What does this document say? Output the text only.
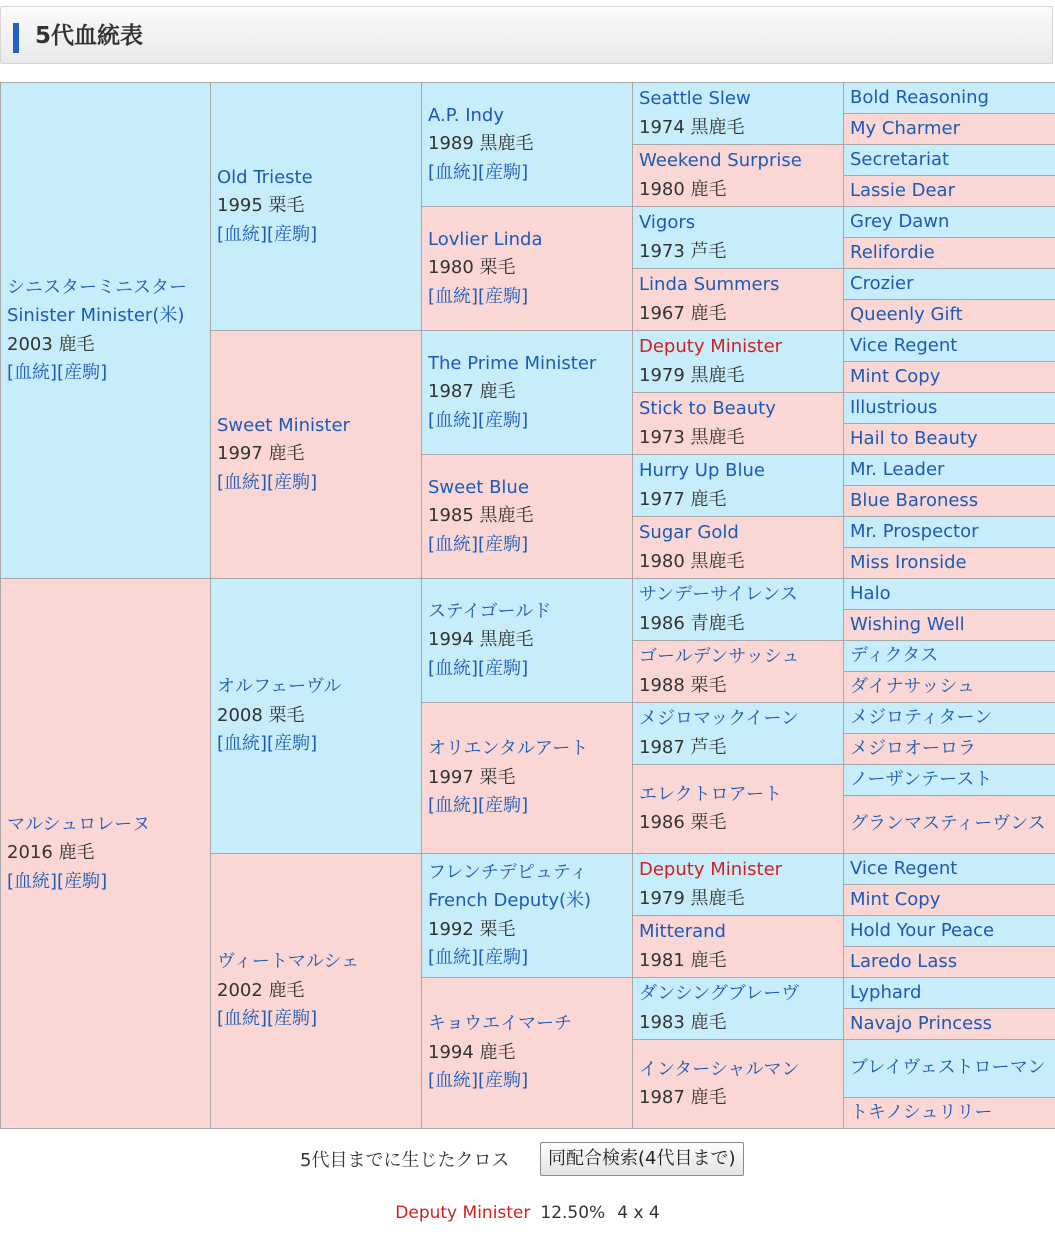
5代血統表
シニスターミニスター
Sinister Minister(米)
2003 鹿毛
[血統][産駒]	Old Trieste
1995 栗毛
[血統][産駒]	A.P. Indy
1989 黒鹿毛
[血統][産駒]	Seattle Slew
1974 黒鹿毛	Bold Reasoning

				My Charmer

			Weekend Surprise
1980 鹿毛	Secretariat

				Lassie Dear

		Lovlier Linda
1980 栗毛
[血統][産駒]	Vigors
1973 芦毛	Grey Dawn

				Relifordie

			Linda Summers
1967 鹿毛	Crozier

				Queenly Gift

	Sweet Minister
1997 鹿毛
[血統][産駒]	The Prime Minister
1987 鹿毛
[血統][産駒]	Deputy Minister
1979 黒鹿毛	Vice Regent

				Mint Copy

			Stick to Beauty
1973 黒鹿毛	Illustrious

				Hail to Beauty

		Sweet Blue
1985 黒鹿毛
[血統][産駒]	Hurry Up Blue
1977 鹿毛	Mr. Leader

				Blue Baroness

			Sugar Gold
1980 黒鹿毛	Mr. Prospector

				Miss Ironside

マルシュロレーヌ
2016 鹿毛
[血統][産駒]	オルフェーヴル
2008 栗毛
[血統][産駒]	ステイゴールド
1994 黒鹿毛
[血統][産駒]	サンデーサイレンス
1986 青鹿毛	Halo

				Wishing Well

			ゴールデンサッシュ
1988 栗毛	ディクタス

				ダイナサッシュ

		オリエンタルアート
1997 栗毛
[血統][産駒]	メジロマックイーン
1987 芦毛	メジロティターン

				メジロオーロラ

			エレクトロアート
1986 栗毛	ノーザンテースト

				グランマスティーヴンス

	ヴィートマルシェ
2002 鹿毛
[血統][産駒]	フレンチデピュティ
French Deputy(米)
1992 栗毛
[血統][産駒]	Deputy Minister
1979 黒鹿毛	Vice Regent

				Mint Copy

			Mitterand
1981 鹿毛	Hold Your Peace

				Laredo Lass

		キョウエイマーチ
1994 鹿毛
[血統][産駒]	ダンシングブレーヴ
1983 鹿毛	Lyphard

				Navajo Princess

			インターシャルマン
1987 鹿毛	ブレイヴェストローマン

				トキノシュリリー
5代目までに生じたクロス	同配合検索(4代目まで)
Deputy Minister 12.50% 4 x 4
